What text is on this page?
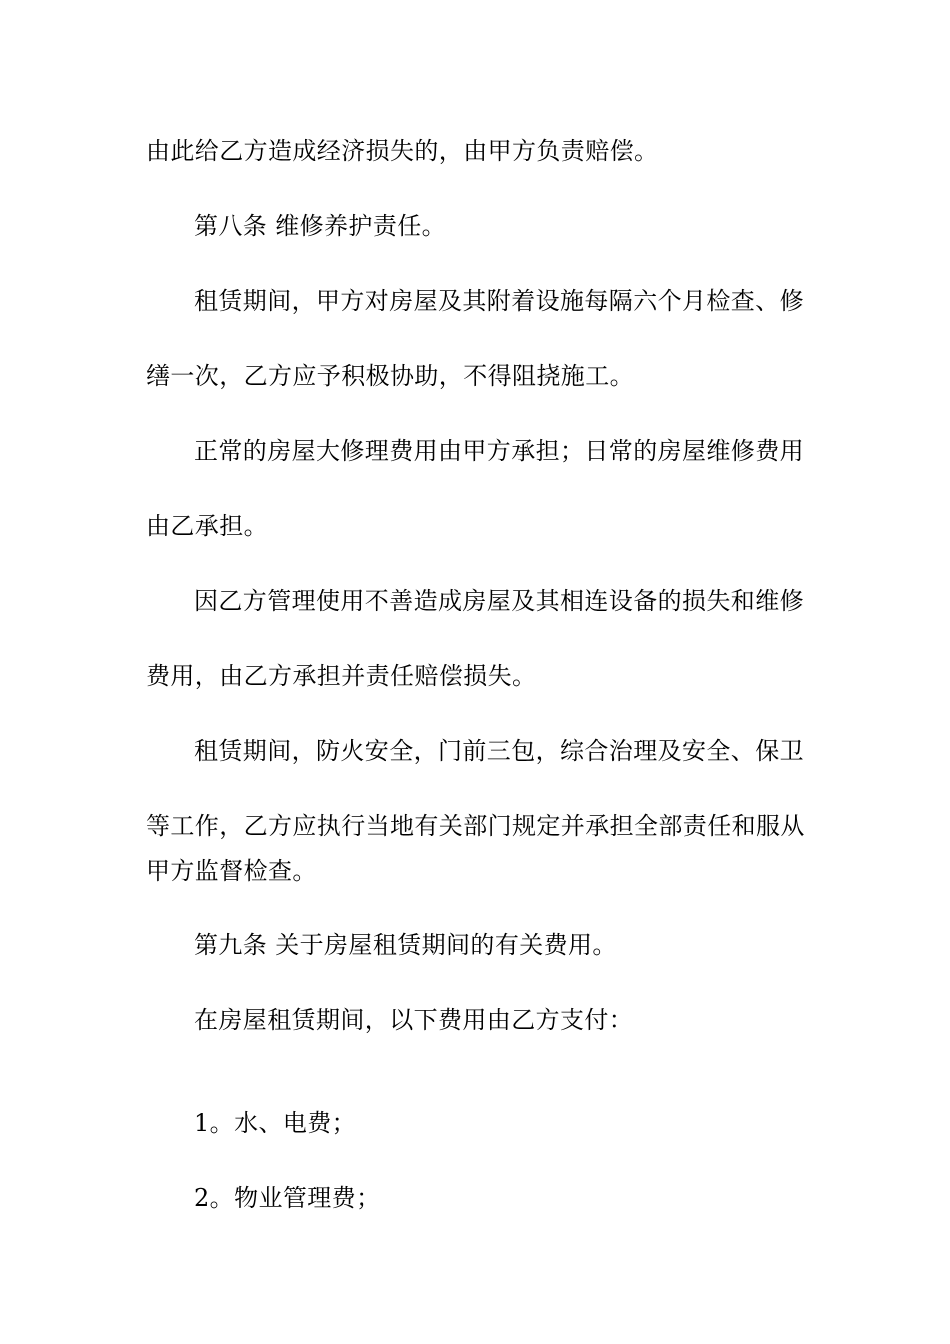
由此给乙方造成经济损失的，由甲方负责赔偿。
第八条 维修养护责任。
租赁期间，甲方对房屋及其附着设施每隔六个月检查、修
缮一次，乙方应予积极协助，不得阻挠施工。
正常的房屋大修理费用由甲方承担；日常的房屋维修费用
由乙承担。
因乙方管理使用不善造成房屋及其相连设备的损失和维修
费用，由乙方承担并责任赔偿损失。
租赁期间，防火安全，门前三包，综合治理及安全、保卫
等工作，乙方应执行当地有关部门规定并承担全部责任和服从
甲方监督检查。
第九条 关于房屋租赁期间的有关费用。
在房屋租赁期间，以下费用由乙方支付：
1。水、电费；
2。物业管理费；
